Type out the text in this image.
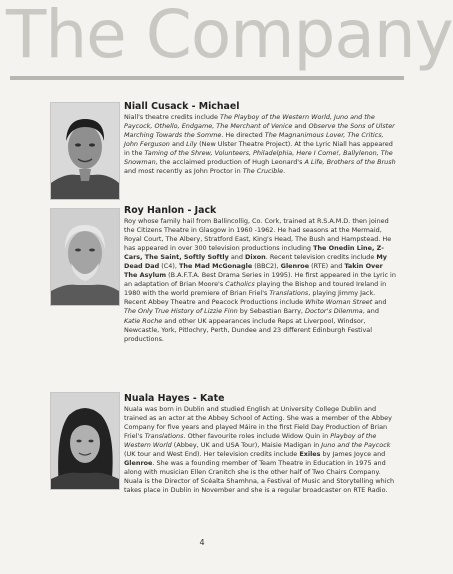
The Company

Niall Cusack - Michael

Niall's theatre credits include The Playboy of the Western World, Juno and the Paycock, Othello, Endgame, The Merchant of Venice and Observe the Sons of Ulster Marching Towards the Somme. He directed The Magnanimous Lover, The Critics, John Ferguson and Lily (New Ulster Theatre Project). At the Lyric Niall has appeared in the Taming of the Shrew, Volunteers, Philadelphia, Here I Come!, Ballylenon, The Snowman, the acclaimed production of Hugh Leonard's A Life, Brothers of the Brush and most recently as John Proctor in The Crucible.

Roy Hanlon - Jack

Roy whose family hail from Ballincollig, Co. Cork, trained at R.S.A.M.D. then joined the Citizens Theatre in Glasgow in 1960 -1962. He had seasons at the Mermaid, Royal Court, The Albery, Stratford East, King's Head, The Bush and Hampstead. He has appeared in over 300 television productions including The Onedin Line, Z-Cars, The Saint, Softly Softly and Dixon. Recent television credits include My Dead Dad (C4), The Mad McGonagle (BBC2), Glenroe (RTE) and Takin Over The Asylum (B.A.F.T.A. Best Drama Series in 1995). He first appeared in the Lyric in an adaptation of Brian Moore's Catholics playing the Bishop and toured Ireland in 1980 with the world premiere of Brian Friel's Translations, playing Jimmy Jack. Recent Abbey Theatre and Peacock Productions include White Woman Street and The Only True History of Lizzie Finn by Sebastian Barry, Doctor's Dilemma, and Katie Roche and other UK appearances include Reps at Liverpool, Windsor, Newcastle, York, Pitlochry, Perth, Dundee and 23 different Edinburgh Festival productions.

Nuala Hayes - Kate

Nuala was born in Dublin and studied English at University College Dublin and trained as an actor at the Abbey School of Acting. She was a member of the Abbey Company for five years and played Máire in the first Field Day Production of Brian Friel's Translations. Other favourite roles include Widow Quin in Playboy of the Western World (Abbey, UK and USA Tour), Maisie Madigan in Juno and the Paycock (UK tour and West End). Her television credits include Exiles by James Joyce and Glenroe. She was a founding member of Team Theatre in Education in 1975 and along with musician Ellen Cranitch she is the other half of Two Chairs Company. Nuala is the Director of Scéalta Shamhna, a Festival of Music and Storytelling which takes place in Dublin in November and she is a regular broadcaster on RTE Radio.

4
